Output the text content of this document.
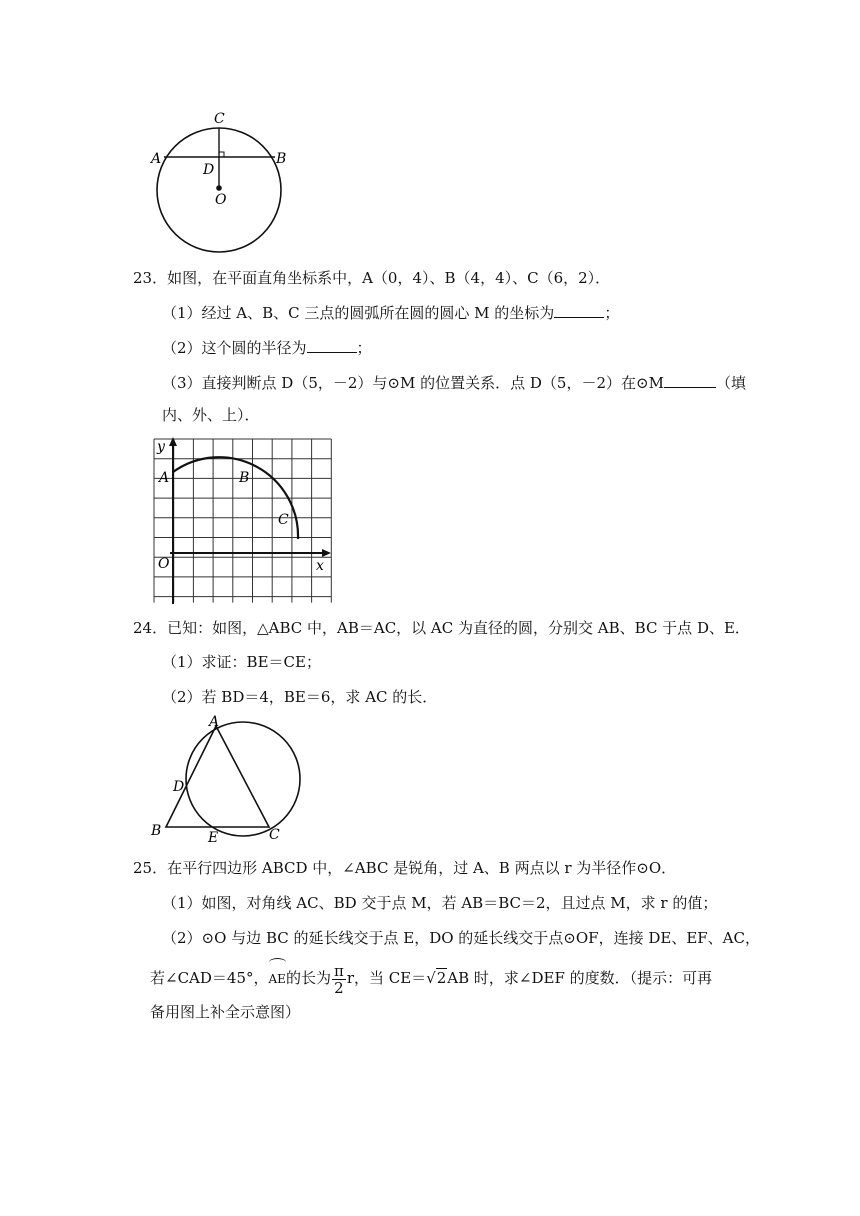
C
A	B
D
O
23．如图，在平面直角坐标系中，A（0，4）、B（4，4）、C（6，2）．
（1）经过 A、B、C 三点的圆弧所在圆的圆心 M 的坐标为	；
（2）这个圆的半径为	；
（3）直接判断点 D（5，－2）与⊙M 的位置关系．点 D（5，－2）在⊙M	（填
内、外、上）．
y
A	B
C
O	x
24．已知：如图，△ABC 中，AB＝AC，以 AC 为直径的圆，分别交 AB、BC 于点 D、E．
（1）求证：BE＝CE；
（2）若 BD＝4，BE＝6，求 AC 的长．
A
D
B	E	C
25．在平行四边形 ABCD 中，∠ABC 是锐角，过 A、B 两点以 r 为半径作⊙O．
（1）如图，对角线 AC、BD 交于点 M，若 AB＝BC＝2，且过点 M，求 r 的值；
（2）⊙O 与边 BC 的延长线交于点 E，DO 的延长线交于点⊙OF，连接 DE、EF、AC，
若∠CAD＝45°，AE的长为 $\frac{\pi}{2}$ r，当 CE＝√2AB 时，求∠DEF 的度数．（提示：可再
备用图上补全示意图）
